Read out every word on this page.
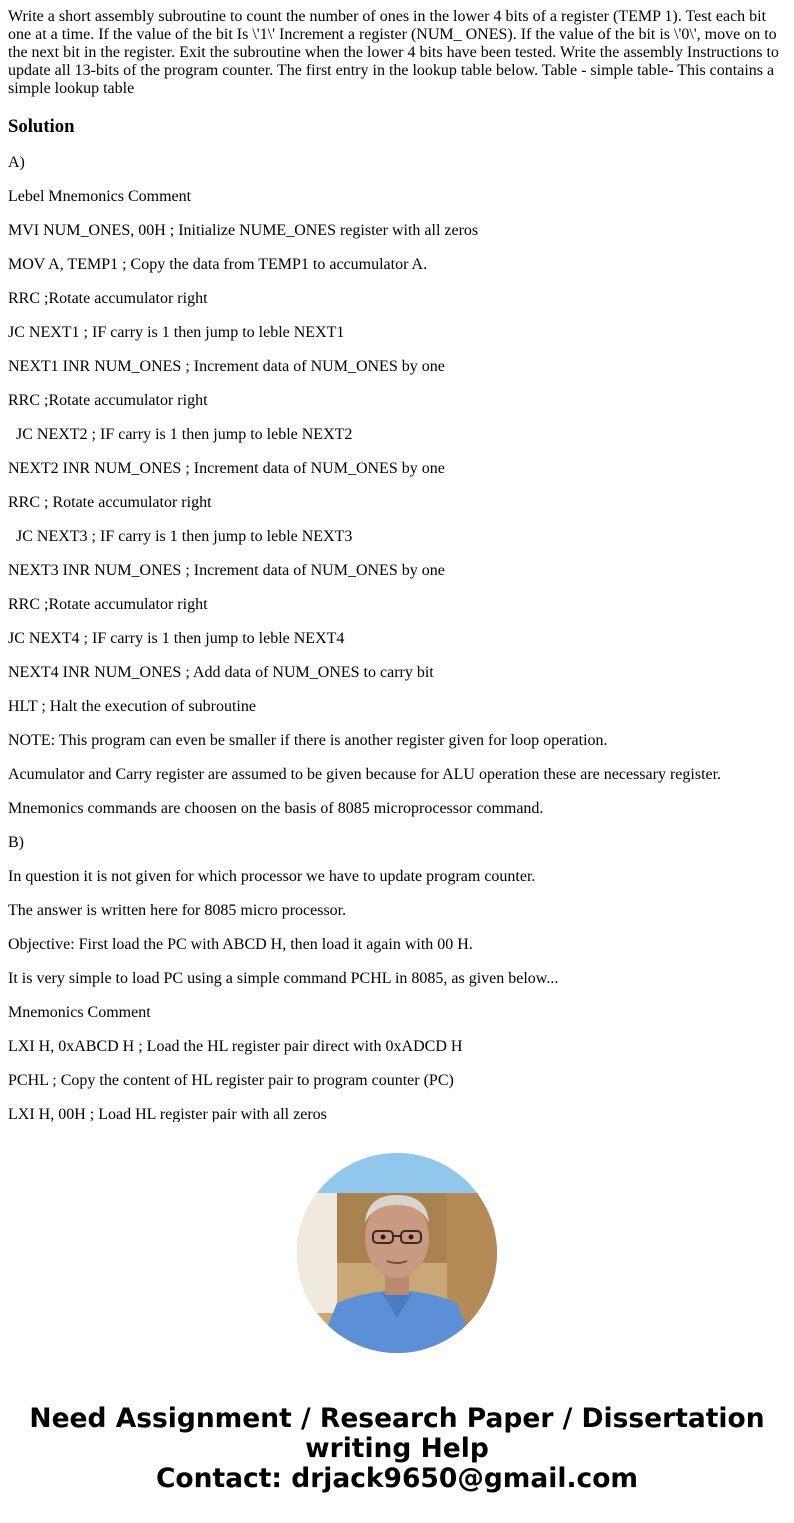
Write a short assembly subroutine to count the number of ones in the lower 4 bits of a register (TEMP 1). Test each bit one at a time. If the value of the bit Is \'1\' Increment a register (NUM_ ONES). If the value of the bit is \'0\', move on to the next bit in the register. Exit the subroutine when the lower 4 bits have been tested. Write the assembly Instructions to update all 13-bits of the program counter. The first entry in the lookup table below. Table - simple table- This contains a simple lookup table

Solution

A)

Lebel Mnemonics Comment

MVI NUM_ONES, 00H ; Initialize NUME_ONES register with all zeros

MOV A, TEMP1 ; Copy the data from TEMP1 to accumulator A.

RRC ;Rotate accumulator right

JC NEXT1 ; IF carry is 1 then jump to leble NEXT1

NEXT1 INR NUM_ONES ; Increment data of NUM_ONES by one

RRC ;Rotate accumulator right

JC NEXT2 ; IF carry is 1 then jump to leble NEXT2

NEXT2 INR NUM_ONES ; Increment data of NUM_ONES by one

RRC ; Rotate accumulator right

JC NEXT3 ; IF carry is 1 then jump to leble NEXT3

NEXT3 INR NUM_ONES ; Increment data of NUM_ONES by one

RRC ;Rotate accumulator right

JC NEXT4 ; IF carry is 1 then jump to leble NEXT4

NEXT4 INR NUM_ONES ; Add data of NUM_ONES to carry bit

HLT ; Halt the execution of subroutine

NOTE: This program can even be smaller if there is another register given for loop operation.

Acumulator and Carry register are assumed to be given because for ALU operation these are necessary register.

Mnemonics commands are choosen on the basis of 8085 microprocessor command.

B)

In question it is not given for which processor we have to update program counter.

The answer is written here for 8085 micro processor.

Objective: First load the PC with ABCD H, then load it again with 00 H.

It is very simple to load PC using a simple command PCHL in 8085, as given below...

Mnemonics Comment

LXI H, 0xABCD H ; Load the HL register pair direct with 0xADCD H

PCHL ; Copy the content of HL register pair to program counter (PC)

LXI H, 00H ; Load HL register pair with all zeros

Need Assignment / Research Paper / Dissertation
writing Help
Contact: drjack9650@gmail.com
